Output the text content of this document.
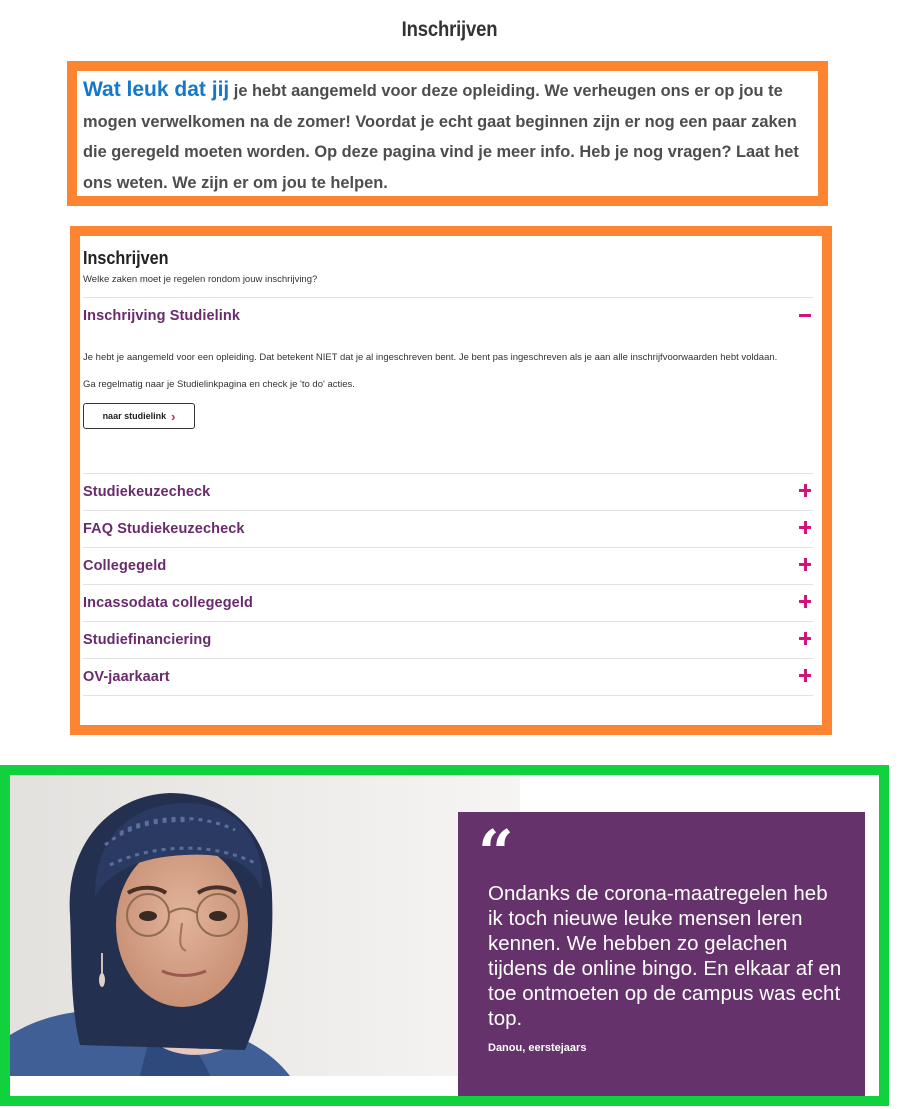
Inschrijven
Wat leuk dat jij je hebt aangemeld voor deze opleiding. We verheugen ons er op jou te mogen verwelkomen na de zomer! Voordat je echt gaat beginnen zijn er nog een paar zaken die geregeld moeten worden. Op deze pagina vind je meer info. Heb je nog vragen? Laat het ons weten. We zijn er om jou te helpen.
Inschrijven
Welke zaken moet je regelen rondom jouw inschrijving?
Inschrijving Studielink
Je hebt je aangemeld voor een opleiding. Dat betekent NIET dat je al ingeschreven bent. Je bent pas ingeschreven als je aan alle inschrijfvoorwaarden hebt voldaan.
Ga regelmatig naar je Studielinkpagina en check je 'to do' acties.
naar studielink ›
Studiekeuzecheck
FAQ Studiekeuzecheck
Collegegeld
Incassodata collegegeld
Studiefinanciering
OV-jaarkaart
“
Ondanks de corona-maatregelen heb ik toch nieuwe leuke mensen leren kennen. We hebben zo gelachen tijdens de online bingo. En elkaar af en toe ontmoeten op de campus was echt top.
Danou, eerstejaars
